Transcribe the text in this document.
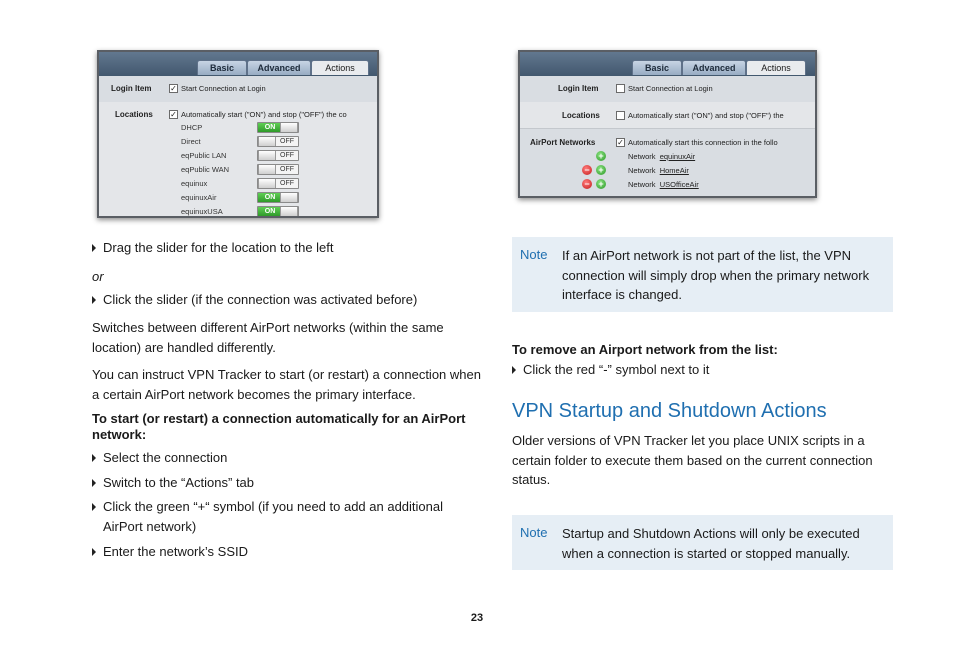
Basic	Advanced	Actions
Login Item ✓ Start Connection at Login
Locations ✓ Automatically start ("ON") and stop ("OFF") the co
DHCP	ON
Direct	OFF
eqPublic LAN	OFF
eqPublic WAN	OFF
equinux	OFF
equinuxAir	ON
equinuxUSA	ON
Basic	Advanced	Actions
Login Item	Start Connection at Login
Locations	Automatically start ("ON") and stop ("OFF") the
AirPort Networks	✓ Automatically start this connection in the follo
+	Network equinuxAir
− +	Network HomeAir
− +	Network USOfficeAir
Drag the slider for the location to the left
or
Click the slider (if the connection was activated before)
Switches between different AirPort networks (within the same location) are handled differently.
You can instruct VPN Tracker to start (or restart) a connection when a certain AirPort network becomes the primary interface.
To start (or restart) a connection automatically for an AirPort network:
Select the connection
Switch to the “Actions” tab
Click the green “+“ symbol (if you need to add an additional AirPort network)
Enter the network’s SSID
Note If an AirPort network is not part of the list, the VPN connection will simply drop when the primary network interface is changed.
To remove an Airport network from the list:
Click the red “-” symbol next to it
VPN Startup and Shutdown Actions
Older versions of VPN Tracker let you place UNIX scripts in a certain folder to execute them based on the current connection status.
Note Startup and Shutdown Actions will only be executed when a connection is started or stopped manually.
23
